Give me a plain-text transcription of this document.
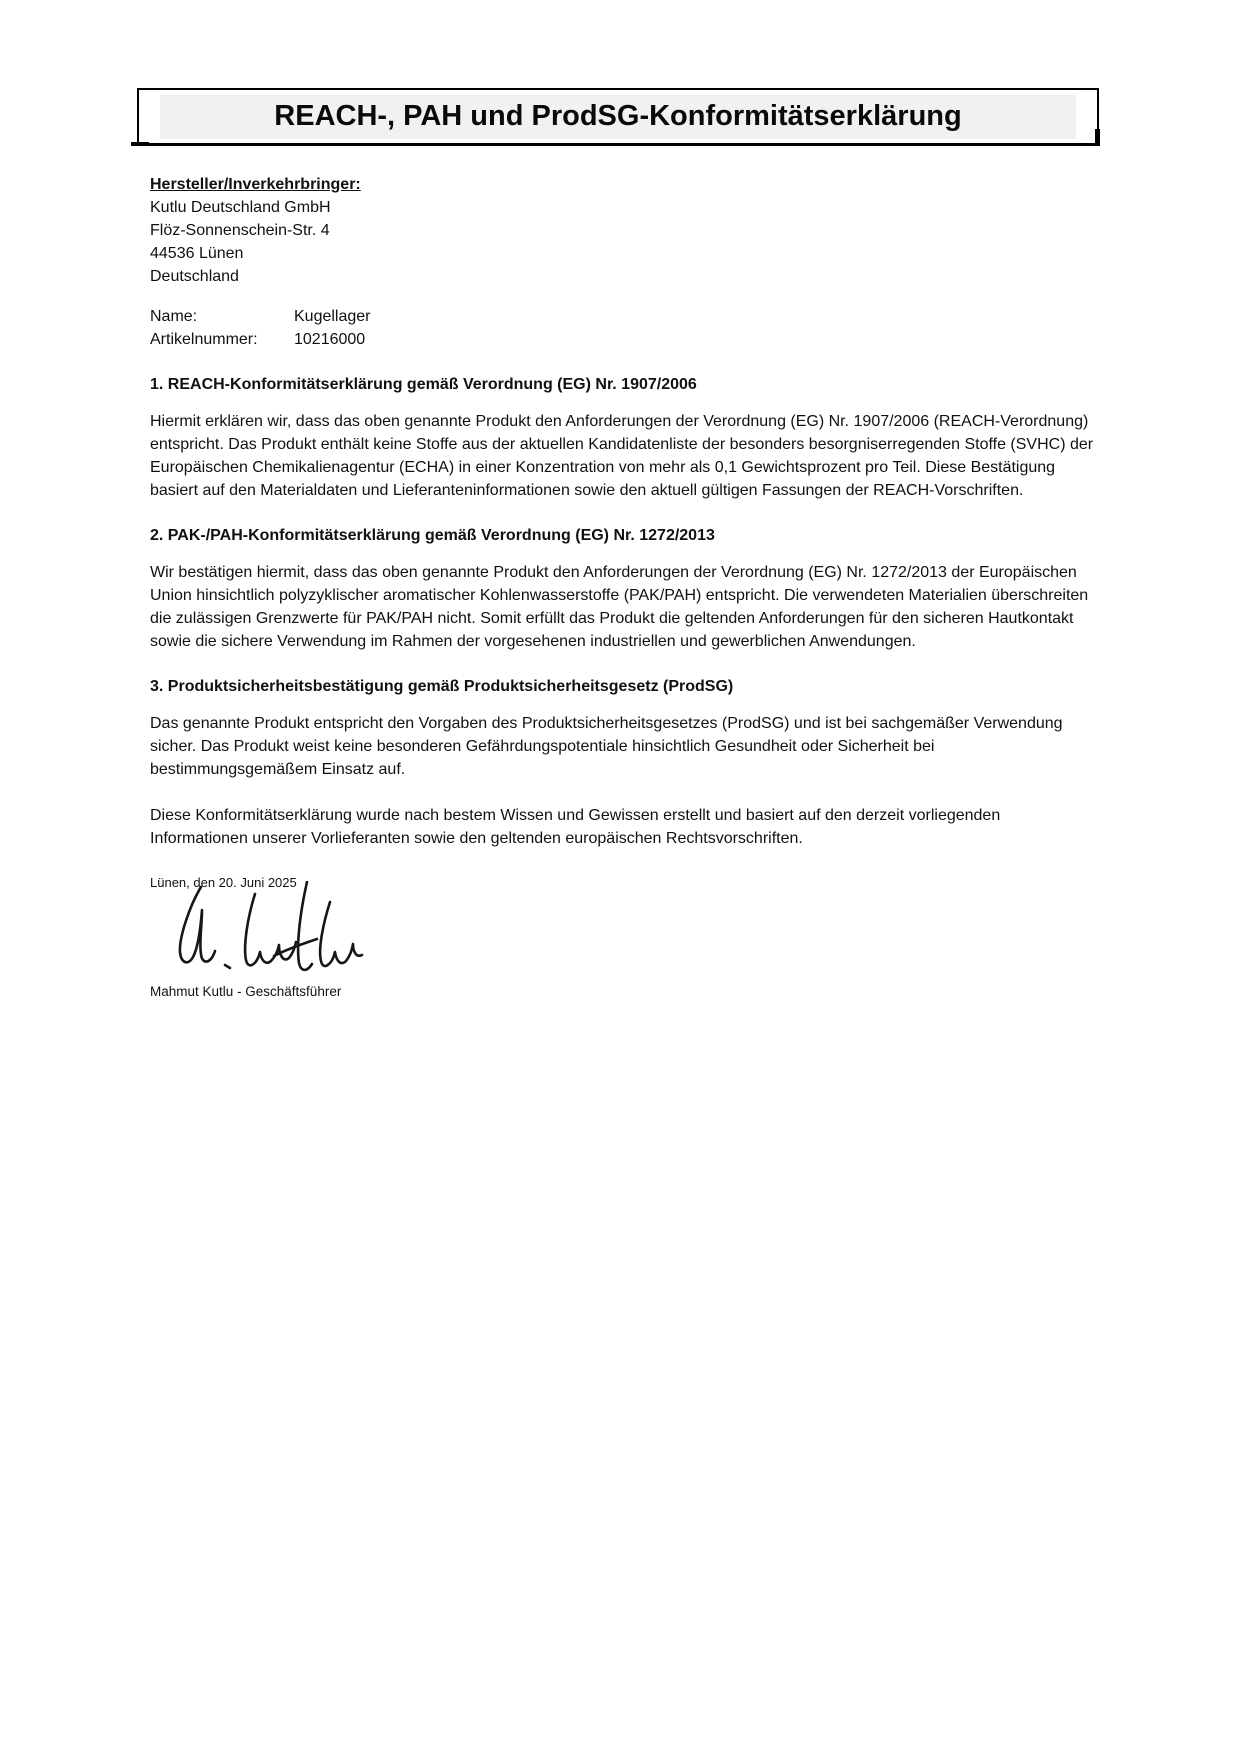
REACH-, PAH und ProdSG-Konformitätserklärung

Hersteller/Inverkehrbringer:

Kutlu Deutschland GmbH

Flöz-Sonnenschein-Str. 4

44536 Lünen

Deutschland

Name:	Kugellager
Artikelnummer:	10216000
1. REACH-Konformitätserklärung gemäß Verordnung (EG) Nr. 1907/2006

Hiermit erklären wir, dass das oben genannte Produkt den Anforderungen der Verordnung (EG) Nr. 1907/2006 (REACH-Verordnung) entspricht. Das Produkt enthält keine Stoffe aus der aktuellen Kandidatenliste der besonders besorgniserregenden Stoffe (SVHC) der Europäischen Chemikalienagentur (ECHA) in einer Konzentration von mehr als 0,1 Gewichtsprozent pro Teil. Diese Bestätigung basiert auf den Materialdaten und Lieferanteninformationen sowie den aktuell gültigen Fassungen der REACH-Vorschriften.

2. PAK-/PAH-Konformitätserklärung gemäß Verordnung (EG) Nr. 1272/2013

Wir bestätigen hiermit, dass das oben genannte Produkt den Anforderungen der Verordnung (EG) Nr. 1272/2013 der Europäischen Union hinsichtlich polyzyklischer aromatischer Kohlenwasserstoffe (PAK/PAH) entspricht. Die verwendeten Materialien überschreiten die zulässigen Grenzwerte für PAK/PAH nicht. Somit erfüllt das Produkt die geltenden Anforderungen für den sicheren Hautkontakt sowie die sichere Verwendung im Rahmen der vorgesehenen industriellen und gewerblichen Anwendungen.

3. Produktsicherheitsbestätigung gemäß Produktsicherheitsgesetz (ProdSG)

Das genannte Produkt entspricht den Vorgaben des Produktsicherheitsgesetzes (ProdSG) und ist bei sachgemäßer Verwendung sicher. Das Produkt weist keine besonderen Gefährdungspotentiale hinsichtlich Gesundheit oder Sicherheit bei bestimmungsgemäßem Einsatz auf.

Diese Konformitätserklärung wurde nach bestem Wissen und Gewissen erstellt und basiert auf den derzeit vorliegenden Informationen unserer Vorlieferanten sowie den geltenden europäischen Rechtsvorschriften.

Lünen, den 20. Juni 2025

Mahmut Kutlu - Geschäftsführer
